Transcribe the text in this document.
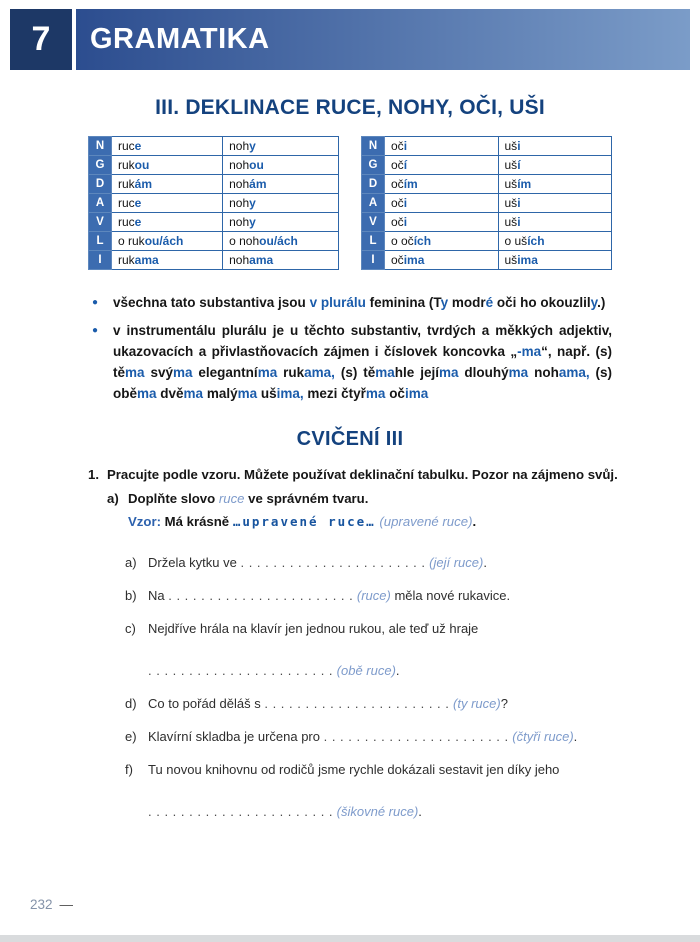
7	GRAMATIKA
III. DEKLINACE RUCE, NOHY, OČI, UŠI
N	ruce	nohy
G	rukou	nohou
D	rukám	nohám
A	ruce	nohy
V	ruce	nohy
L	o rukou/ách	o nohou/ách
I	rukama	nohama
N	oči	uši
G	očí	uší
D	očím	uším
A	oči	uši
V	oči	uši
L	o očích	o uších
I	očima	ušima
● všechna tato substantiva jsou v plurálu feminina (Ty modré oči ho okouzlily.)
● v instrumentálu plurálu je u těchto substantiv, tvrdých a měkkých adjektiv, ukazovacích a přivlastňovacích zájmen i číslovek koncovka „-ma“, např. (s) těma svýma elegantníma rukama, (s) těmahle jejíma dlouhýma nohama, (s) oběma dvěma malýma ušima, mezi čtyřma očima
CVIČENÍ III
1. Pracujte podle vzoru. Můžete používat deklinační tabulku. Pozor na zájmeno svůj.
a) Doplňte slovo ruce ve správném tvaru.
Vzor: Má krásně …upravené ruce… (upravené ruce).
a) Držela kytku ve . . . . . . . . . . . . . . . . . . . . . . . (její ruce).
b) Na . . . . . . . . . . . . . . . . . . . . . . . (ruce) měla nové rukavice.
c) Nejdříve hrála na klavír jen jednou rukou, ale teď už hraje
. . . . . . . . . . . . . . . . . . . . . . . (obě ruce).
d) Co to pořád děláš s . . . . . . . . . . . . . . . . . . . . . . . (ty ruce)?
e) Klavírní skladba je určena pro . . . . . . . . . . . . . . . . . . . . . . . (čtyři ruce).
f)	Tu novou knihovnu od rodičů jsme rychle dokázali sestavit jen díky jeho
. . . . . . . . . . . . . . . . . . . . . . . (šikovné ruce).
232 —
